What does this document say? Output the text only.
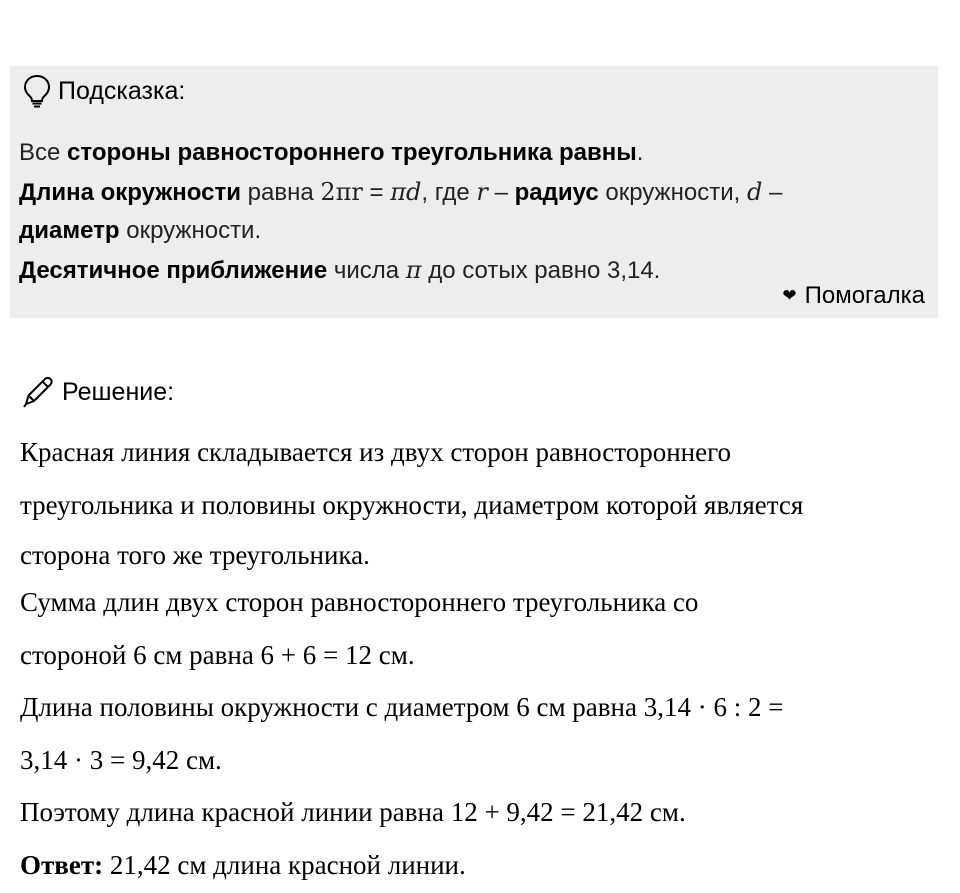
Подсказка:
Все стороны равностороннего треугольника равны.
Длина окружности равна 2πr = πd, где r – радиус окружности, d –
диаметр окружности.
Десятичное приближение числа π до сотых равно 3,14.
❤ Помогалка
Решение:
Красная линия складывается из двух сторон равностороннего
треугольника и половины окружности, диаметром которой является
сторона того же треугольника.
Сумма длин двух сторон равностороннего треугольника со
стороной 6 см равна 6 + 6 = 12 см.
Длина половины окружности с диаметром 6 см равна 3,14 · 6 : 2 =
3,14 · 3 = 9,42 см.
Поэтому длина красной линии равна 12 + 9,42 = 21,42 см.
Ответ: 21,42 см длина красной линии.
